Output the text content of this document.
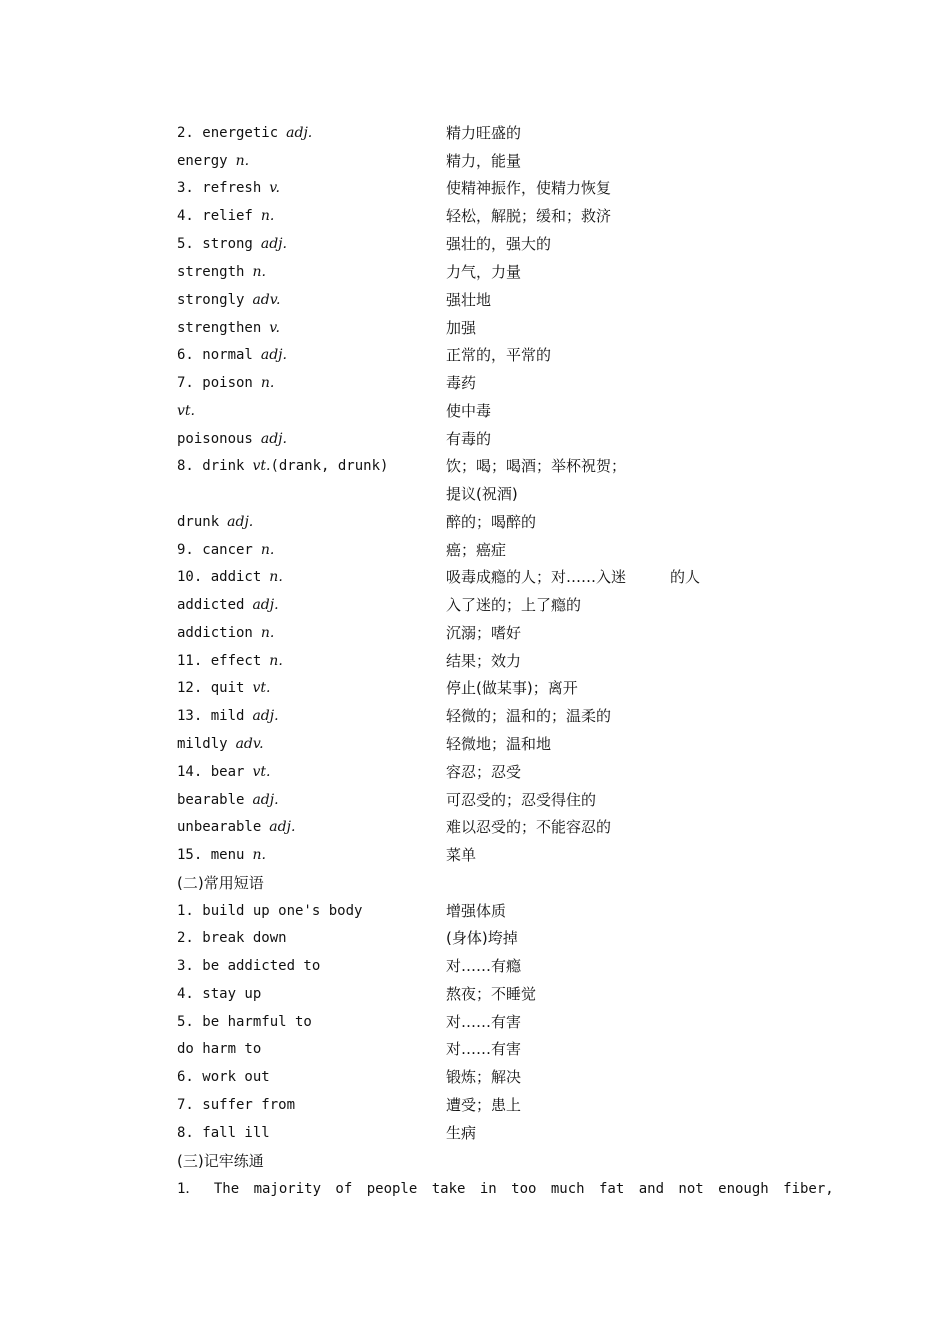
2. energetic adj.	精力旺盛的
energy n.	精力，能量
3. refresh v.	使精神振作，使精力恢复
4. relief n.	轻松，解脱；缓和；救济
5. strong adj.	强壮的，强大的
strength n.	力气，力量
strongly adv.	强壮地
strengthen v.	加强
6. normal adj.	正常的，平常的
7. poison n.	毒药
vt.	使中毒
poisonous adj.	有毒的
8. drink vt.(drank, drunk)	饮；喝；喝酒；举杯祝贺；
提议(祝酒)
drunk adj.	醉的；喝醉的
9. cancer n.	癌；癌症
10. addict n.	吸毒成瘾的人；对……入迷	的人
addicted adj.	入了迷的；上了瘾的
addiction n.	沉溺；嗜好
11. effect n.	结果；效力
12. quit vt.	停止(做某事)；离开
13. mild adj.	轻微的；温和的；温柔的
mildly adv.	轻微地；温和地
14. bear vt.	容忍；忍受
bearable adj.	可忍受的；忍受得住的
unbearable adj.	难以忍受的；不能容忍的
15. menu n.	菜单
(二)常用短语
1. build up one's body	增强体质
2. break down	(身体)垮掉
3. be addicted to	对……有瘾
4. stay up	熬夜；不睡觉
5. be harmful to	对……有害
do harm to	对……有害
6. work out	锻炼；解决
7. suffer from	遭受；患上
8. fall ill	生病
(三)记牢练通
1． The majority of people take in too much fat and not enough fiber,
